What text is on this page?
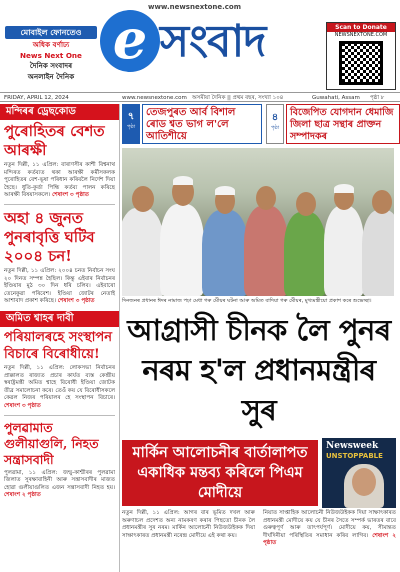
মোবাইল ফোনতেও
অধিক বৰ্ণাঢ্য
News Next One
দৈনিক সংবাদৰ
অনলাইন দৈনিক
www.newsnextone.com
e সংবাদ	Scan to Donate
NEWSNEXTONE.COM
FRIDAY, APRIL 12, 2024	www.newsnextone.com অসমীয়া দৈনিক || প্ৰথম বছৰ, সংখ্যা ১০৪	Guwahati, Assam পৃষ্ঠা ৮
৭
পৃষ্ঠা
তেজপুৰত আৰ্ব বিশাল ৰোড শ্বত ভাগ ল'লে আতিশীয়ে
৪
পৃষ্ঠা
বিজেপিত যোগদান ধেমাজি জিলা ছাত্ৰ সন্থাৰ প্ৰাক্তন সম্পাদকৰ
মন্দিৰৰ ড্ৰেছকোড
পুৰোহিতৰ বেশত আৰক্ষী
নতুন দিল্লী, ১১ এপ্ৰিল: বাৰাণসীৰ কাশী বিশ্বনাথ মন্দিৰত কৰ্তব্যত থকা আৰক্ষী কৰ্মীসকলক পুৰোহিতৰ বেশ-ভূষা পৰিধান কৰিবলৈ নিৰ্দেশ দিয়া হৈছে। ধুতি-কুৰ্তা পিন্ধি কৰ্তব্য পালন কৰিছে আৰক্ষী বিষয়াসকলে। শেষাংশ ৩ পৃষ্ঠাত
অহা ৪ জুনত পুনৰাবৃত্তি ঘটিব ২০০৪ চন!
নতুন দিল্লী, ১১ এপ্ৰিল: ২০০৪ চনত নিৰ্বাচন সংঘ ২০ দিনত সম্পন্ন হৈছিল। কিন্তু এইবাৰ নিৰ্বাচনৰ ইণ্ডিয়াৰ মুঠ ৩০ দিন ধৰি চলিব। এইবাৰো তেনেকুৱা পৰিবেশ। ইণ্ডিয়া জোটৰ নেতাই আশাবাদ প্ৰকাশ কৰিছে। শেষাংশ ৩ পৃষ্ঠাত
অমিত শ্বাহৰ দাবী
পৰিয়ালৰহে সংস্থাপন বিচাৰে বিৰোধীয়ে!
নতুন দিল্লী, ১১ এপ্ৰিল: লোকসভা নিৰ্বাচনৰ প্ৰাক্কালত ৰাজ্যত প্ৰচাৰ কাৰ্যত ব্যস্ত কেন্দ্ৰীয় স্বৰাষ্ট্ৰমন্ত্ৰী অমিত শ্বাহে বিৰোধী ইণ্ডিয়া জোটক তীব্ৰ সমালোচনা কৰে। তেওঁ কয় যে বিৰোধীসকলে কেৱল নিজৰ পৰিয়ালৰ হে সংস্থাপন বিচাৰে। শেষাংশ ৩ পৃষ্ঠাত
পুলৱামাত গুলীয়াগুলি, নিহত সন্ত্ৰাসবাদী
পুলৱামা, ১১ এপ্ৰিল: জন্মু-কাশ্মীৰৰ পুলৱামা জিলাত সুৰক্ষাবাহিনী আৰু সন্ত্ৰাসবাদীৰ মাজত হোৱা গুলীয়াগুলিত এজন সন্ত্ৰাসবাদী নিহত হয়। শেষাংশ ২ পৃষ্ঠাত
দিনজনৰ প্ৰধানৰ ঈদৰ নামাজ পঢ়া মেধা গৰু মেীয়ৰ ঘটনা আৰু অমিত বাদিয়া গৰু মেীয়ৰ, মুখ্যমন্ত্ৰীয়ো প্ৰকাশ কৰে শুভেচ্ছা।
আগ্ৰাসী চীনক লৈ পুনৰ নৰম হ'ল প্ৰধানমন্ত্ৰীৰ সুৰ
মাৰ্কিন আলোচনীৰ বাৰ্তালাপত একাধিক মন্তব্য কৰিলে পিএম মোদীয়ে
Newsweek
UNSTOPPABLE
নতুন দিল্লী, ১১ এপ্ৰিল: আগৰ বাৰ ভূমিত দখল আৰু অৰুণাচল প্ৰদেশত অন্য নামকৰণ কৰাৰ পিছতো চীনক লৈ প্ৰধানমন্ত্ৰীৰ সুৰ নৰম। মাৰ্কিন আলোচনী নিউজউইকক দিয়া সাক্ষাৎকাৰত প্ৰধানমন্ত্ৰী নৰেন্দ্ৰ মোদীয়ে এই কথা কয়।
নিয়াত সাপ্তাহিক আলোচনী নিউজউইকক দিয়া সাক্ষাৎকাৰত প্ৰধানমন্ত্ৰী মোদীয়ে কয় যে চীনৰ সৈতে সম্পৰ্ক ভাৰতৰ বাবে গুৰুত্বপূৰ্ণ আৰু তাৎপৰ্যপূৰ্ণ। মোদীয়ে কয়, সীমান্তত দীৰ্ঘদিনীয়া পৰিস্থিতিৰ সমাধান কৰিব লাগিব। শেষাংশ ২ পৃষ্ঠাত
